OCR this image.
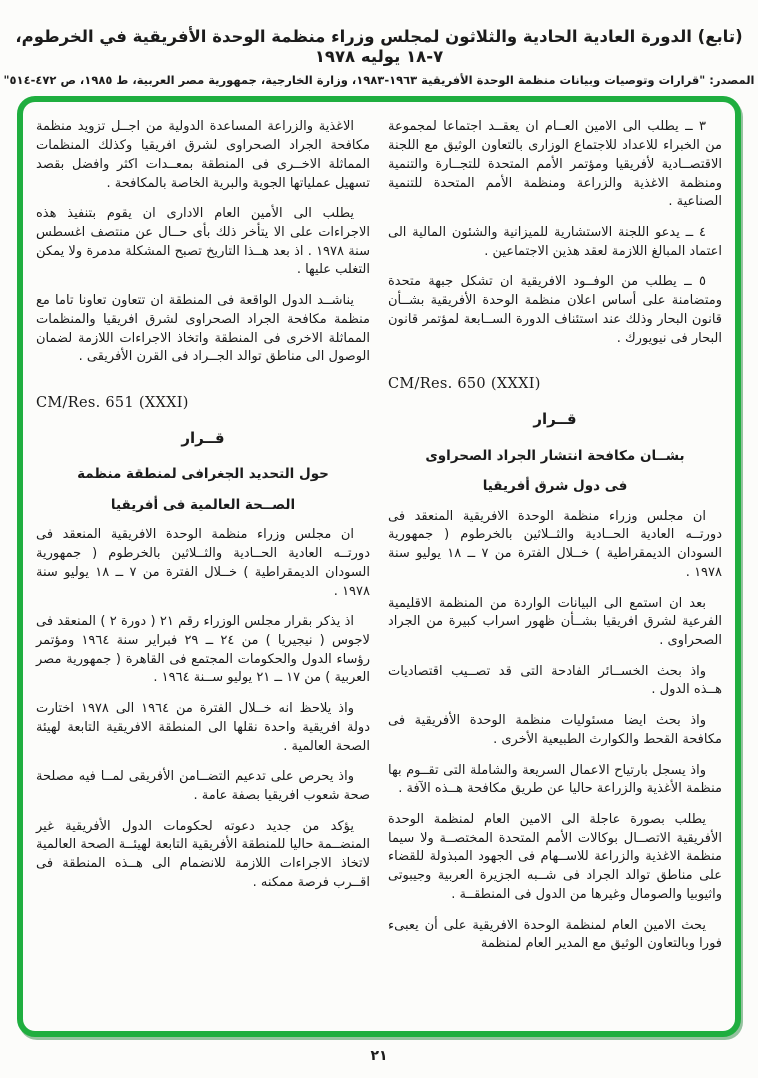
(تابع) الدورة العادية الحادية والثلاثون لمجلس وزراء منظمة الوحدة الأفريقية في الخرطوم، ٧-١٨ يوليه ١٩٧٨
المصدر: "قرارات وتوصيات وبيانات منظمة الوحدة الأفريقية ١٩٦٣-١٩٨٣، وزارة الخارجية، جمهورية مصر العربية، ط ١٩٨٥، ص ٤٧٢-٥١٤"
٣ ــ يطلب الى الامين العــام ان يعقــد اجتماعا لمجموعة من الخبراء للاعداد للاجتماع الوزارى بالتعاون الوثيق مع اللجنة الاقتصــادية لأفريقيا ومؤتمر الأمم المتحدة للتجــارة والتنمية ومنظمة الاغذية والزراعة ومنظمة الأمم المتحدة للتنمية الصناعية .
٤ ــ يدعو اللجنة الاستشارية للميزانية والشئون المالية الى اعتماد المبالغ اللازمة لعقد هذين الاجتماعين .
٥ ــ يطلب من الوفــود الافريقية ان تشكل جبهة متحدة ومتضامنة على أساس اعلان منظمة الوحدة الأفريقية بشــأن قانون البحار وذلك عند استئناف الدورة الســابعة لمؤتمر قانون البحار فى نيويورك .
CM/Res. 650 (XXXI)
قــرار
بشــان مكافحة انتشار الجراد الصحراوى
فى دول شرق أفريقيا
ان مجلس وزراء منظمة الوحدة الافريقية المنعقد فى دورتــه العادية الحــادية والثــلاثين بالخرطوم ( جمهورية السودان الديمقراطية ) خــلال الفترة من ٧ ــ ١٨ يوليو سنة ١٩٧٨ .
بعد ان استمع الى البيانات الواردة من المنظمة الاقليمية الفرعية لشرق افريقيا بشــأن ظهور اسراب كبيرة من الجراد الصحراوى .
واذ بحث الخســائر الفادحة التى قد تصــيب اقتصاديات هــذه الدول .
واذ بحث ايضا مسئوليات منظمة الوحدة الأفريقية فى مكافحة القحط والكوارث الطبيعية الأخرى .
واذ يسجل بارتياح الاعمال السريعة والشاملة التى تقــوم بها منظمة الأغذية والزراعة حاليا عن طريق مكافحة هــذه الآفة .
يطلب بصورة عاجلة الى الامين العام لمنظمة الوحدة الأفريقية الاتصــال بوكالات الأمم المتحدة المختصــة ولا سيما منظمة الاغذية والزراعة للاســهام فى الجهود المبذولة للقضاء على مناطق توالد الجراد فى شــبه الجزيرة العربية وجيبوتى واثيوبيا والصومال وغيرها من الدول فى المنطقــة .
يحث الامين العام لمنظمة الوحدة الافريقية على أن يعبىء فورا وبالتعاون الوثيق مع المدير العام لمنظمة
الاغذية والزراعة المساعدة الدولية من اجــل تزويد منظمة مكافحة الجراد الصحراوى لشرق افريقيا وكذلك المنظمات المماثلة الاخــرى فى المنطقة بمعــدات اكثر وافضل بقصد تسهيل عملياتها الجوية والبرية الخاصة بالمكافحة .
يطلب الى الأمين العام الادارى ان يقوم بتنفيذ هذه الاجراءات على الا يتأخر ذلك بأى حــال عن منتصف اغسطس سنة ١٩٧٨ . اذ بعد هــذا التاريخ تصبح المشكلة مدمرة ولا يمكن التغلب عليها .
يناشــد الدول الواقعة فى المنطقة ان تتعاون تعاونا تاما مع منظمة مكافحة الجراد الصحراوى لشرق افريقيا والمنظمات المماثلة الاخرى فى المنطقة واتخاذ الاجراءات اللازمة لضمان الوصول الى مناطق توالد الجــراد فى القرن الأفريقى .
CM/Res. 651 (XXXI)
قــرار
حول التحديد الجغرافى لمنطقة منظمة
الصــحة العالمية فى أفريقيا
ان مجلس وزراء منظمة الوحدة الافريقية المنعقد فى دورتــه العادية الحــادية والثــلاثين بالخرطوم ( جمهورية السودان الديمقراطية ) خــلال الفترة من ٧ ــ ١٨ يوليو سنة ١٩٧٨ .
اذ يذكر بقرار مجلس الوزراء رقم ٢١ ( دورة ٢ ) المنعقد فى لاجوس ( نيجيريا ) من ٢٤ ــ ٢٩ فبراير سنة ١٩٦٤ ومؤتمر رؤساء الدول والحكومات المجتمع فى القاهرة ( جمهورية مصر العربية ) من ١٧ ــ ٢١ يوليو ســنة ١٩٦٤ .
واذ يلاحظ انه خــلال الفترة من ١٩٦٤ الى ١٩٧٨ اختارت دولة افريقية واحدة نقلها الى المنطقة الافريقية التابعة لهيئة الصحة العالمية .
واذ يحرص على تدعيم التضــامن الأفريقى لمــا فيه مصلحة صحة شعوب افريقيا بصفة عامة .
يؤكد من جديد دعوته لحكومات الدول الأفريقية غير المنضــمة حاليا للمنطقة الأفريقية التابعة لهيئــة الصحة العالمية لاتخاذ الاجراءات اللازمة للانضمام الى هــذه المنطقة فى اقــرب فرصة ممكنه .
٢١
